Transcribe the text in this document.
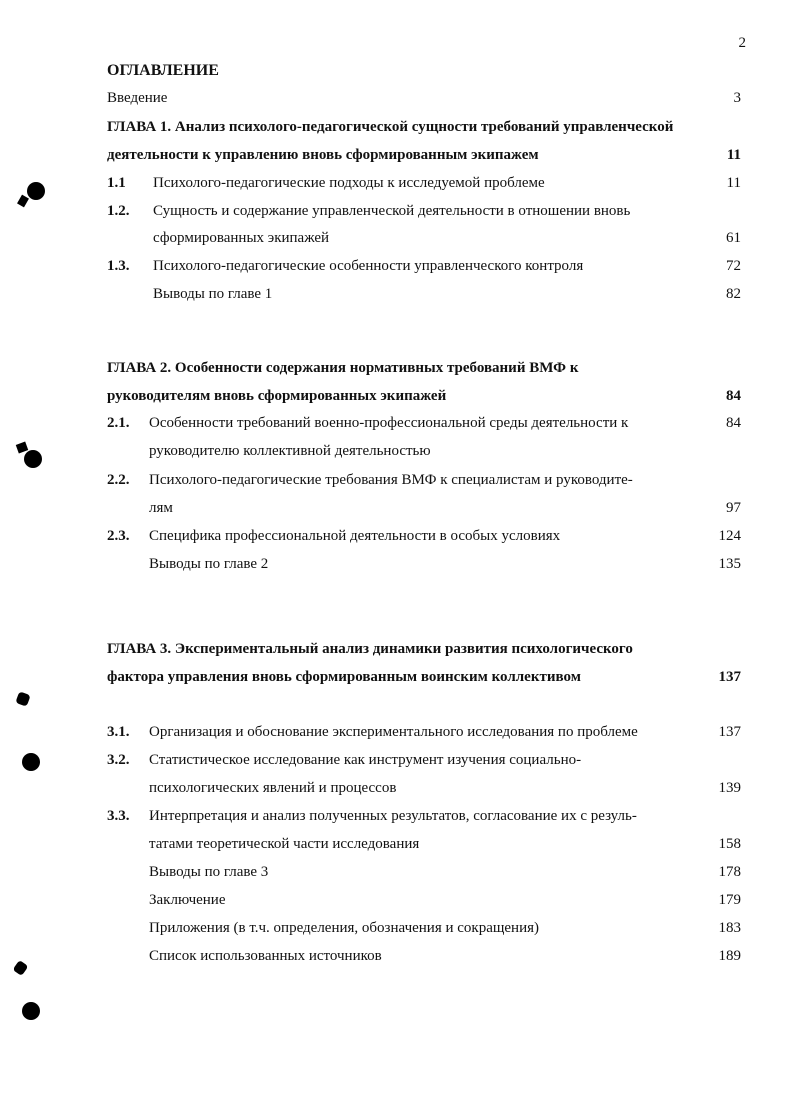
2
ОГЛАВЛЕНИЕ
Введение	3
ГЛАВА 1. Анализ психолого-педагогической сущности требований управленческой
деятельности к управлению вновь сформированным экипажем	11
1.1 Психолого-педагогические подходы к исследуемой проблеме	11
1.2. Сущность и содержание управленческой деятельности в отношении вновь
сформированных экипажей	61
1.3. Психолого-педагогические особенности управленческого контроля	72
Выводы по главе 1	82
ГЛАВА 2. Особенности содержания нормативных требований ВМФ к
руководителям вновь сформированных экипажей	84
2.1. Особенности требований военно-профессиональной среды деятельности к	84
руководителю коллективной деятельностью
2.2. Психолого-педагогические требования ВМФ к специалистам и руководите-
лям	97
2.3. Специфика профессиональной деятельности в особых условиях	124
Выводы по главе 2	135
ГЛАВА 3. Экспериментальный анализ динамики развития психологического
фактора управления вновь сформированным воинским коллективом	137
3.1. Организация и обоснование экспериментального исследования по проблеме	137
3.2. Статистическое исследование как инструмент изучения социально-
психологических явлений и процессов	139
3.3. Интерпретация и анализ полученных результатов, согласование их с резуль-
татами теоретической части исследования	158
Выводы по главе 3	178
Заключение	179
Приложения (в т.ч. определения, обозначения и сокращения)	183
Список использованных источников	189
